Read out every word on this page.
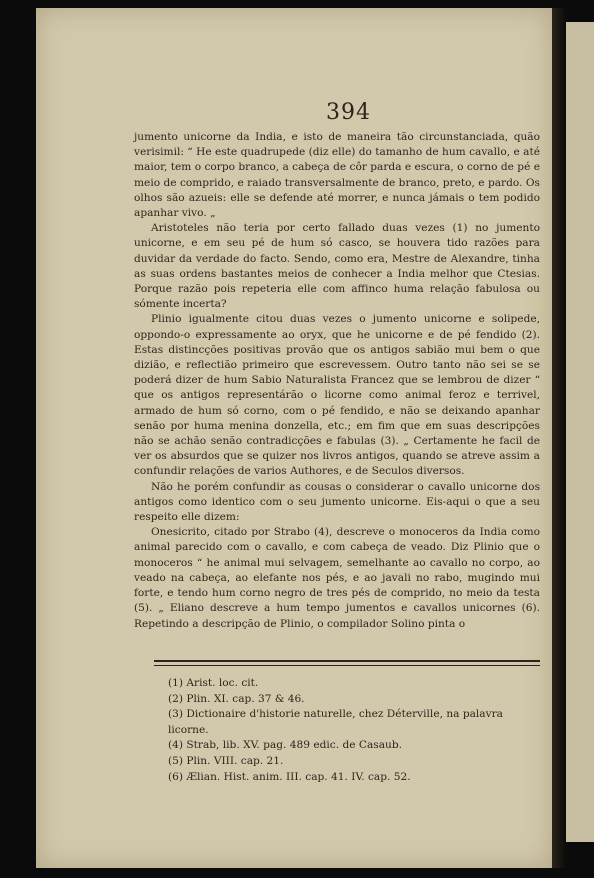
394

jumento unicorne da India, e isto de maneira tão circunstanciada, quão verisimil: “ He este quadrupede (diz elle) do tamanho de hum cavallo, e até maior, tem o corpo branco, a cabeça de côr parda e escura, o corno de pé e meio de comprido, e raiado transversalmente de branco, preto, e pardo. Os olhos são azueis: elle se defende até morrer, e nunca jámais o tem podido apanhar vivo. „

Aristoteles não teria por certo fallado duas vezes (1) no jumento unicorne, e em seu pé de hum só casco, se houvera tido razões para duvidar da verdade do facto. Sendo, como era, Mestre de Alexandre, tinha as suas ordens bastantes meios de conhecer a India melhor que Ctesias. Porque razão pois repeteria elle com affinco huma relação fabulosa ou sómente incerta?

Plinio igualmente citou duas vezes o jumento unicorne e solipede, oppondo-o expressamente ao oryx, que he unicorne e de pé fendido (2). Estas distincções positivas provão que os antigos sabião mui bem o que dizião, e reflectião primeiro que escrevessem. Outro tanto não sei se se poderá dizer de hum Sabio Naturalista Francez que se lembrou de dizer “ que os antigos representárão o licorne como animal feroz e terrivel, armado de hum só corno, com o pé fendido, e não se deixando apanhar senão por huma menina donzella, etc.; em fim que em suas descripções não se achão senão contradicções e fabulas (3). „ Certamente he facil de ver os absurdos que se quizer nos livros antigos, quando se atreve assim a confundir relações de varios Authores, e de Seculos diversos.

Não he porém confundir as cousas o considerar o cavallo unicorne dos antigos como identico com o seu jumento unicorne. Eis-aqui o que a seu respeito elle dizem:

Onesicrito, citado por Strabo (4), descreve o monoceros da India como animal parecido com o cavallo, e com cabeça de veado. Diz Plinio que o monoceros “ he animal mui selvagem, semelhante ao cavallo no corpo, ao veado na cabeça, ao elefante nos pés, e ao javali no rabo, mugindo mui forte, e tendo hum corno negro de tres pés de comprido, no meio da testa (5). „ Eliano descreve a hum tempo jumentos e cavallos unicornes (6). Repetindo a descripção de Plinio, o compilador Solino pinta o

(1) Arist. loc. cit.

(2) Plin. XI. cap. 37 & 46.

(3) Dictionaire d'historie naturelle, chez Déterville, na palavra licorne.

(4) Strab, lib. XV. pag. 489 edic. de Casaub.

(5) Plin. VIII. cap. 21.

(6) Ælian. Hist. anim. III. cap. 41. IV. cap. 52.
